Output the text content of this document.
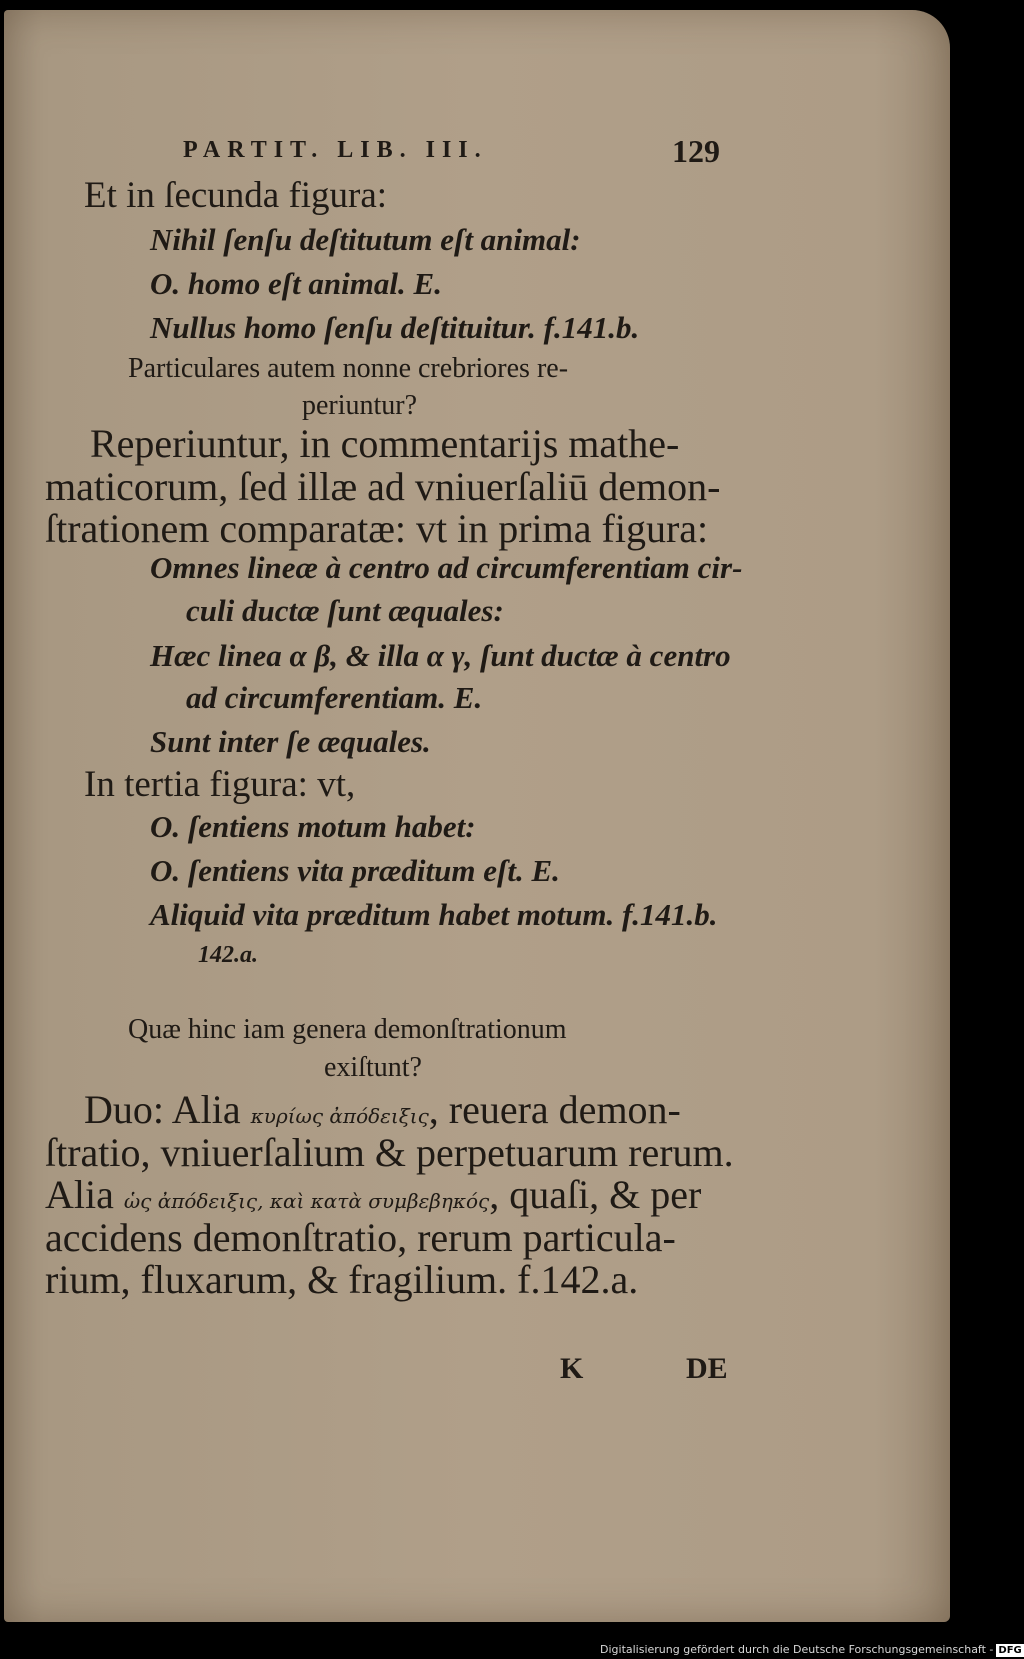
PARTIT. LIB. III.	129
Et in ſecunda figura:
Nihil ſenſu deſtitutum eſt animal:
O. homo eſt animal. E.
Nullus homo ſenſu deſtituitur. f.141.b.
Particulares autem nonne crebriores re-
periuntur?
Reperiuntur, in commentarijs mathe-
maticorum, ſed illæ ad vniuerſaliū demon-
ſtrationem comparatæ: vt in prima figura:
Omnes lineæ à centro ad circumferentiam cir-
culi ductæ ſunt æquales:
Hæc linea α β, & illa α γ, ſunt ductæ à centro
ad circumferentiam. E.
Sunt inter ſe æquales.
In tertia figura: vt,
O. ſentiens motum habet:
O. ſentiens vita præditum eſt. E.
Aliquid vita præditum habet motum. f.141.b.
142.a.
Quæ hinc iam genera demonſtrationum
exiſtunt?
Duo: Alia κυρίως ἀπόδειξις, reuera demon-
ſtratio, vniuerſalium & perpetuarum rerum.
Alia ὡς ἀπόδειξις, καὶ κατὰ συμβεβηκός, quaſi, & per
accidens demonſtratio, rerum particula-
rium, fluxarum, & fragilium. f.142.a.
K	DE
Digitalisierung gefördert durch die Deutsche Forschungsgemeinschaft - DFG
